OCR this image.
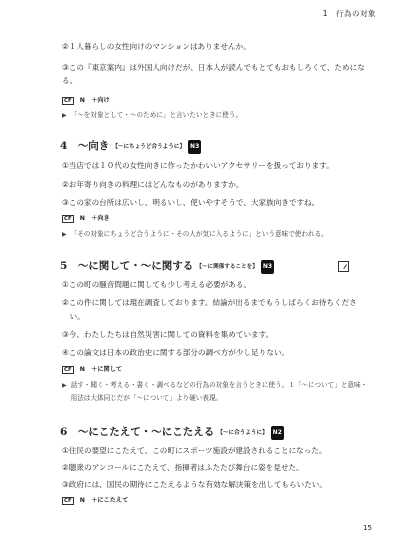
1　行為の対象
②１人暮らしの女性向けのマンションはありませんか。
③この『東京案内』は外国人向けだが、日本人が読んでもとてもおもしろくて、ためにな
る。
CF N　 ＋向け
▶ 「～を対象として・～のために」と言いたいときに使う。
4　 ～向き 【～にちょうど合うように】 N3
①当店では１０代の女性向きに作ったかわいいアクセサリーを扱っております。
②お年寄り向きの料理にはどんなものがありますか。
③この家の台所は広いし、明るいし、使いやすそうで、大家族向きですね。
CF N　 ＋向き
▶ 「その対象にちょうど合うように・その人が気に入るように」という意味で使われる。
5　 ～に関して・～に関する 【～に関係することを】 N3
①この町の騒音問題に関しても少し考える必要がある。
②この件に関しては現在調査しております。結論が出るまでもうしばらくお待ちくださ
　い。
③今、わたしたちは自然災害に関しての資料を集めています。
④この論文は日本の政治史に関する部分の調べ方が少し足りない。
CF N　 ＋に関して
▶ 話す・聞く・考える・書く・調べるなどの行為の対象を言うときに使う。１「～について」と意味・
用法は大体同じだが「～について」より硬い表現。
6　 ～にこたえて・～にこたえる 【～に合うように】 N2
①住民の要望にこたえて、この町にスポーツ施設が建設されることになった。
②聴衆のアンコールにこたえて、指揮者はふたたび舞台に姿を見せた。
③政府には、国民の期待にこたえるような有効な解決策を出してもらいたい。
CF N　 ＋にこたえて
15
